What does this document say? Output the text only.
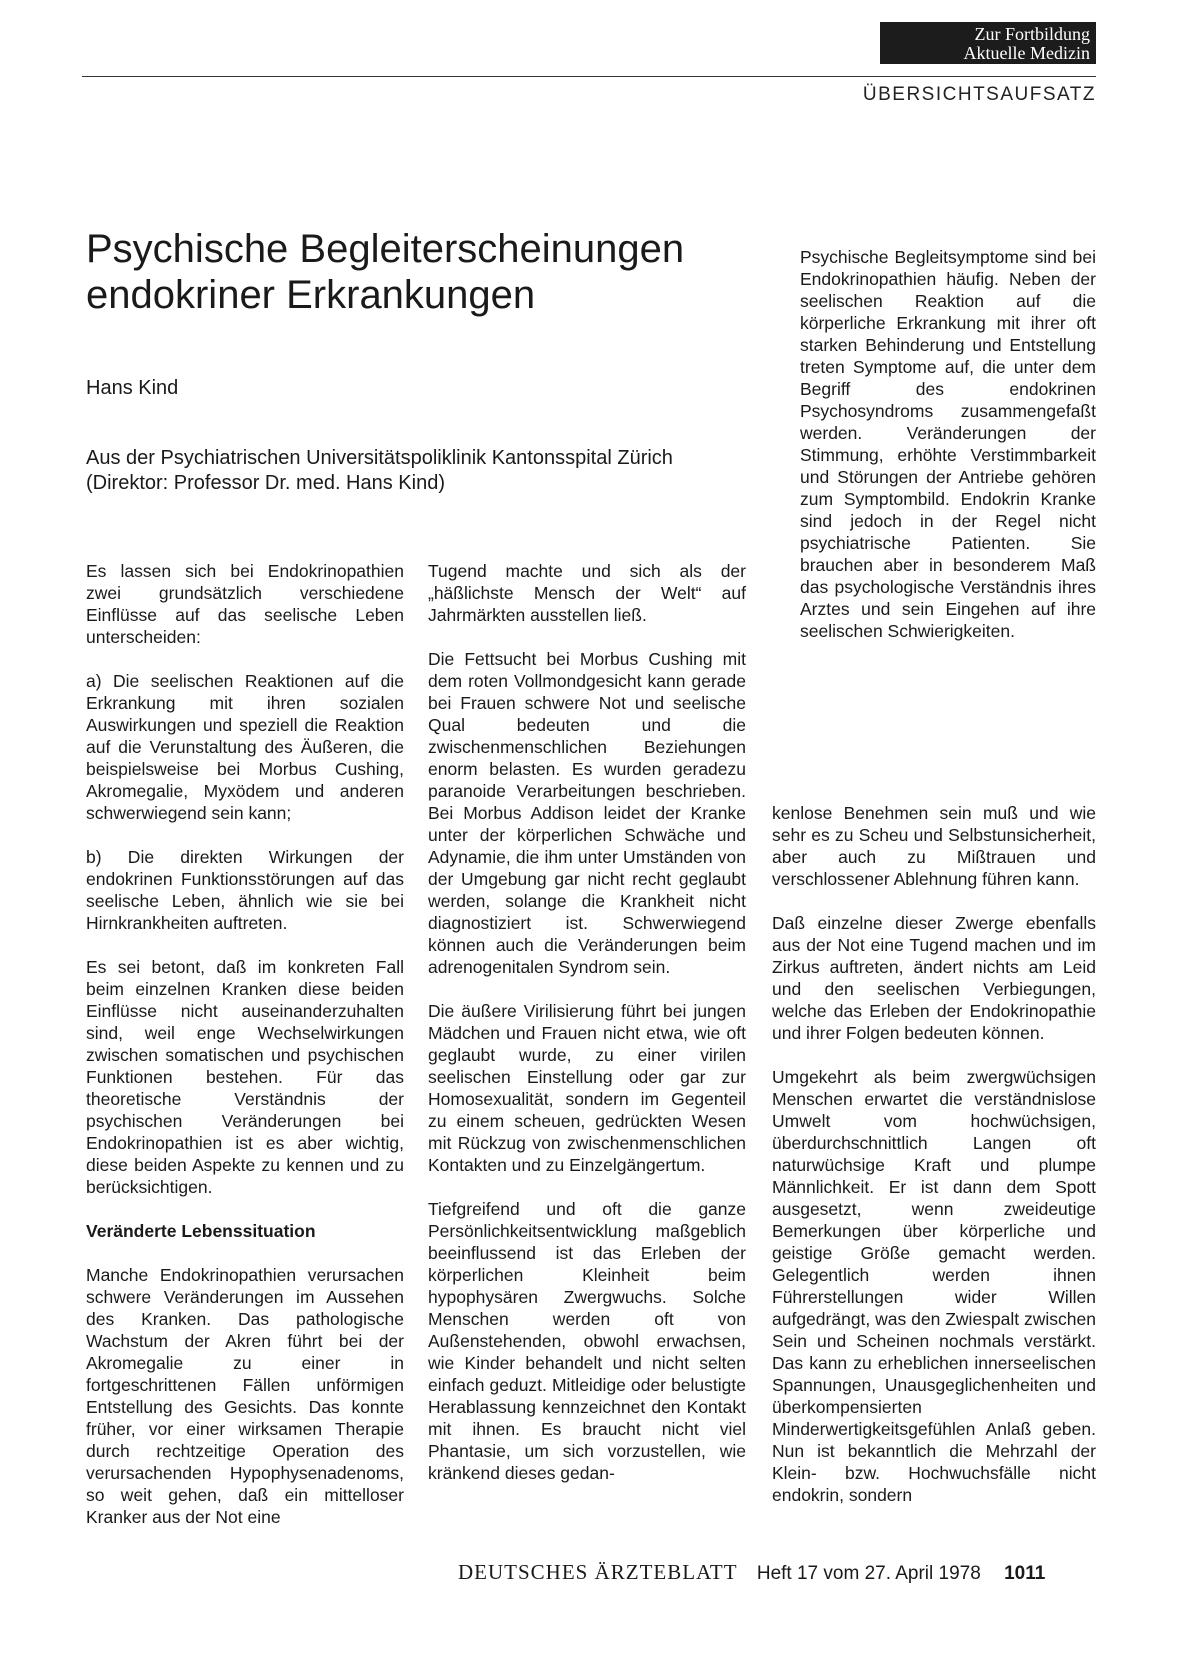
Zur Fortbildung
Aktuelle Medizin
ÜBERSICHTSAUFSATZ
Psychische Begleiterscheinungen
endokriner Erkrankungen
Hans Kind
Aus der Psychiatrischen Universitätspoliklinik Kantonsspital Zürich
(Direktor: Professor Dr. med. Hans Kind)
Psychische Begleitsymptome sind bei Endokrinopathien häufig. Neben der seelischen Reaktion auf die körperliche Erkrankung mit ihrer oft starken Behinderung und Entstellung treten Symptome auf, die unter dem Begriff des endokrinen Psychosyndroms zusammengefaßt werden. Veränderungen der Stimmung, erhöhte Verstimmbarkeit und Störungen der Antriebe gehören zum Symptombild. Endokrin Kranke sind jedoch in der Regel nicht psychiatrische Patienten. Sie brauchen aber in besonderem Maß das psychologische Verständnis ihres Arztes und sein Eingehen auf ihre seelischen Schwierigkeiten.

Es lassen sich bei Endokrinopathien zwei grundsätzlich verschiedene Einflüsse auf das seelische Leben unterscheiden:

a) Die seelischen Reaktionen auf die Erkrankung mit ihren sozialen Auswirkungen und speziell die Reaktion auf die Verunstaltung des Äußeren, die beispielsweise bei Morbus Cushing, Akromegalie, Myxödem und anderen schwerwiegend sein kann;

b) Die direkten Wirkungen der endokrinen Funktionsstörungen auf das seelische Leben, ähnlich wie sie bei Hirnkrankheiten auftreten.

Es sei betont, daß im konkreten Fall beim einzelnen Kranken diese beiden Einflüsse nicht auseinanderzuhalten sind, weil enge Wechselwirkungen zwischen somatischen und psychischen Funktionen bestehen. Für das theoretische Verständnis der psychischen Veränderungen bei Endokrinopathien ist es aber wichtig, diese beiden Aspekte zu kennen und zu berücksichtigen.

Veränderte Lebenssituation

Manche Endokrinopathien verursachen schwere Veränderungen im Aussehen des Kranken. Das pathologische Wachstum der Akren führt bei der Akromegalie zu einer in fortgeschrittenen Fällen unförmigen Entstellung des Gesichts. Das konnte früher, vor einer wirksamen Therapie durch rechtzeitige Operation des verursachenden Hypophysenadenoms, so weit gehen, daß ein mittelloser Kranker aus der Not eine

Tugend machte und sich als der „häßlichste Mensch der Welt“ auf Jahrmärkten ausstellen ließ.

Die Fettsucht bei Morbus Cushing mit dem roten Vollmondgesicht kann gerade bei Frauen schwere Not und seelische Qual bedeuten und die zwischenmenschlichen Beziehungen enorm belasten. Es wurden geradezu paranoide Verarbeitungen beschrieben. Bei Morbus Addison leidet der Kranke unter der körperlichen Schwäche und Adynamie, die ihm unter Umständen von der Umgebung gar nicht recht geglaubt werden, solange die Krankheit nicht diagnostiziert ist. Schwerwiegend können auch die Veränderungen beim adrenogenitalen Syndrom sein.

Die äußere Virilisierung führt bei jungen Mädchen und Frauen nicht etwa, wie oft geglaubt wurde, zu einer virilen seelischen Einstellung oder gar zur Homosexualität, sondern im Gegenteil zu einem scheuen, gedrückten Wesen mit Rückzug von zwischenmenschlichen Kontakten und zu Einzelgängertum.

Tiefgreifend und oft die ganze Persönlichkeitsentwicklung maßgeblich beeinflussend ist das Erleben der körperlichen Kleinheit beim hypophysären Zwergwuchs. Solche Menschen werden oft von Außenstehenden, obwohl erwachsen, wie Kinder behandelt und nicht selten einfach geduzt. Mitleidige oder belustigte Herablassung kennzeichnet den Kontakt mit ihnen. Es braucht nicht viel Phantasie, um sich vorzustellen, wie kränkend dieses gedan-

kenlose Benehmen sein muß und wie sehr es zu Scheu und Selbstunsicherheit, aber auch zu Mißtrauen und verschlossener Ablehnung führen kann.

Daß einzelne dieser Zwerge ebenfalls aus der Not eine Tugend machen und im Zirkus auftreten, ändert nichts am Leid und den seelischen Verbiegungen, welche das Erleben der Endokrinopathie und ihrer Folgen bedeuten können.

Umgekehrt als beim zwergwüchsigen Menschen erwartet die verständnislose Umwelt vom hochwüchsigen, überdurchschnittlich Langen oft naturwüchsige Kraft und plumpe Männlichkeit. Er ist dann dem Spott ausgesetzt, wenn zweideutige Bemerkungen über körperliche und geistige Größe gemacht werden. Gelegentlich werden ihnen Führerstellungen wider Willen aufgedrängt, was den Zwiespalt zwischen Sein und Scheinen nochmals verstärkt. Das kann zu erheblichen innerseelischen Spannungen, Unausgeglichenheiten und überkompensierten Minderwertigkeitsgefühlen Anlaß geben. Nun ist bekanntlich die Mehrzahl der Klein- bzw. Hochwuchsfälle nicht endokrin, sondern

DEUTSCHES ÄRZTEBLATT Heft 17 vom 27. April 1978 1011
